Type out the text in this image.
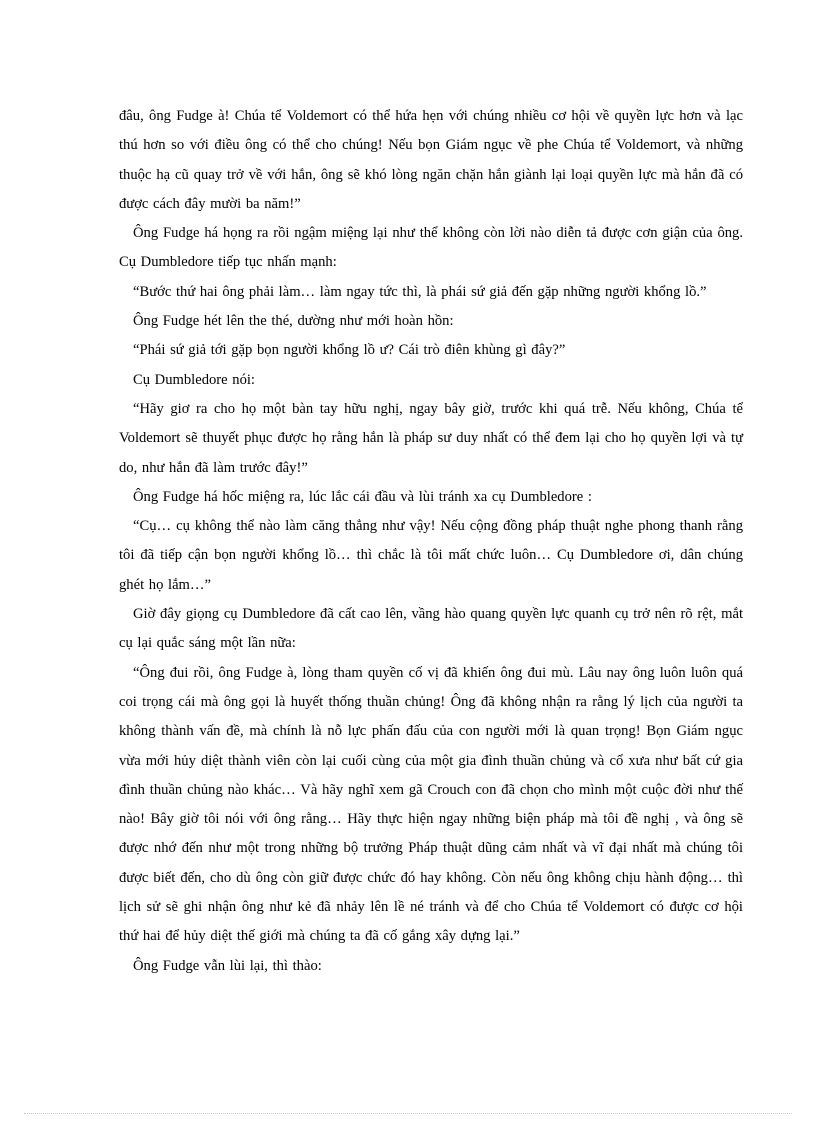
đâu, ông Fudge à! Chúa tể Voldemort có thể hứa hẹn với chúng nhiều cơ hội về quyền lực hơn và lạc thú hơn so với điều ông có thể cho chúng! Nếu bọn Giám ngục về phe Chúa tể Voldemort, và những thuộc hạ cũ quay trở về với hắn, ông sẽ khó lòng ngăn chặn hắn giành lại loại quyền lực mà hắn đã có được cách đây mười ba năm!”

Ông Fudge há họng ra rồi ngậm miệng lại như thể không còn lời nào diễn tả được cơn giận của ông. Cụ Dumbledore tiếp tục nhấn mạnh:

“Bước thứ hai ông phải làm… làm ngay tức thì, là phái sứ giả đến gặp những người khổng lồ.”

Ông Fudge hét lên the thé, dường như mới hoàn hồn:

“Phái sứ giả tới gặp bọn người khổng lồ ư? Cái trò điên khùng gì đây?”

Cụ Dumbledore nói:

“Hãy giơ ra cho họ một bàn tay hữu nghị, ngay bây giờ, trước khi quá trễ. Nếu không, Chúa tể Voldemort sẽ thuyết phục được họ rằng hắn là pháp sư duy nhất có thể đem lại cho họ quyền lợi và tự do, như hắn đã làm trước đây!”

Ông Fudge há hốc miệng ra, lúc lắc cái đầu và lùi tránh xa cụ Dumbledore :

“Cụ… cụ không thể nào làm căng thẳng như vậy! Nếu cộng đồng pháp thuật nghe phong thanh rằng tôi đã tiếp cận bọn người khổng lồ… thì chắc là tôi mất chức luôn… Cụ Dumbledore ơi, dân chúng ghét họ lắm…”

Giờ đây giọng cụ Dumbledore đã cất cao lên, vầng hào quang quyền lực quanh cụ trở nên rõ rệt, mắt cụ lại quắc sáng một lần nữa:

“Ông đui rồi, ông Fudge à, lòng tham quyền cố vị đã khiến ông đui mù. Lâu nay ông luôn luôn quá coi trọng cái mà ông gọi là huyết thống thuần chủng! Ông đã không nhận ra rằng lý lịch của người ta không thành vấn đề, mà chính là nỗ lực phấn đấu của con người mới là quan trọng! Bọn Giám ngục vừa mới hủy diệt thành viên còn lại cuối cùng của một gia đình thuần chủng và cổ xưa như bất cứ gia đình thuần chủng nào khác… Và hãy nghĩ xem gã Crouch con đã chọn cho mình một cuộc đời như thế nào! Bây giờ tôi nói với ông rằng… Hãy thực hiện ngay những biện pháp mà tôi đề nghị , và ông sẽ được nhớ đến như một trong những bộ trưởng Pháp thuật dũng cảm nhất và vĩ đại nhất mà chúng tôi được biết đến, cho dù ông còn giữ được chức đó hay không. Còn nếu ông không chịu hành động… thì lịch sử sẽ ghi nhận ông như kẻ đã nhảy lên lề né tránh và để cho Chúa tể Voldemort có được cơ hội thứ hai để hủy diệt thế giới mà chúng ta đã cố gắng xây dựng lại.”

Ông Fudge vẫn lùi lại, thì thào:
